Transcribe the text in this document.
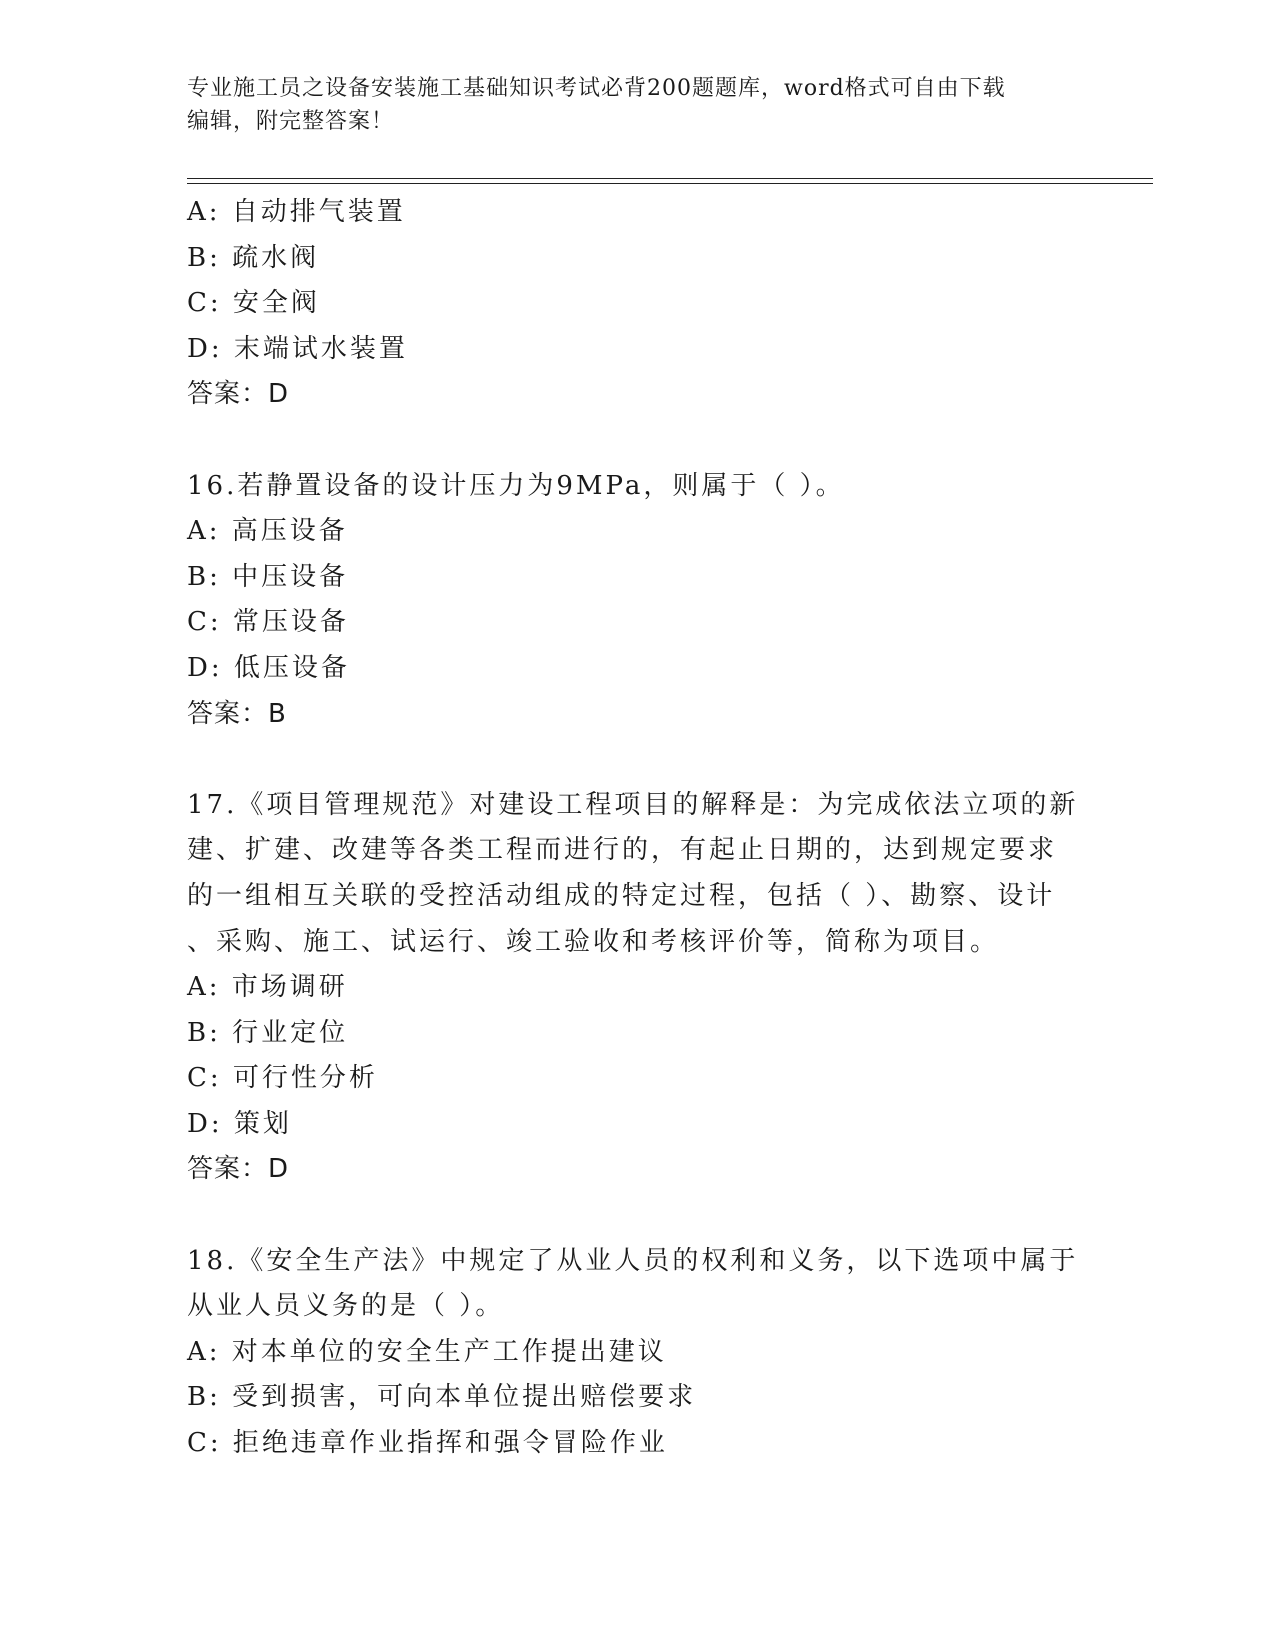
专业施工员之设备安装施工基础知识考试必背200题题库，word格式可自由下载
编辑，附完整答案！
A: 自动排气装置
B: 疏水阀
C: 安全阀
D: 末端试水装置
答案：D
16.若静置设备的设计压力为9MPa，则属于（ ）。
A: 高压设备
B: 中压设备
C: 常压设备
D: 低压设备
答案：B
17.《项目管理规范》对建设工程项目的解释是：为完成依法立项的新
建、扩建、改建等各类工程而进行的，有起止日期的，达到规定要求
的一组相互关联的受控活动组成的特定过程，包括（ ）、勘察、设计
、采购、施工、试运行、竣工验收和考核评价等，简称为项目。
A: 市场调研
B: 行业定位
C: 可行性分析
D: 策划
答案：D
18.《安全生产法》中规定了从业人员的权利和义务，以下选项中属于
从业人员义务的是（ ）。
A: 对本单位的安全生产工作提出建议
B: 受到损害，可向本单位提出赔偿要求
C: 拒绝违章作业指挥和强令冒险作业
